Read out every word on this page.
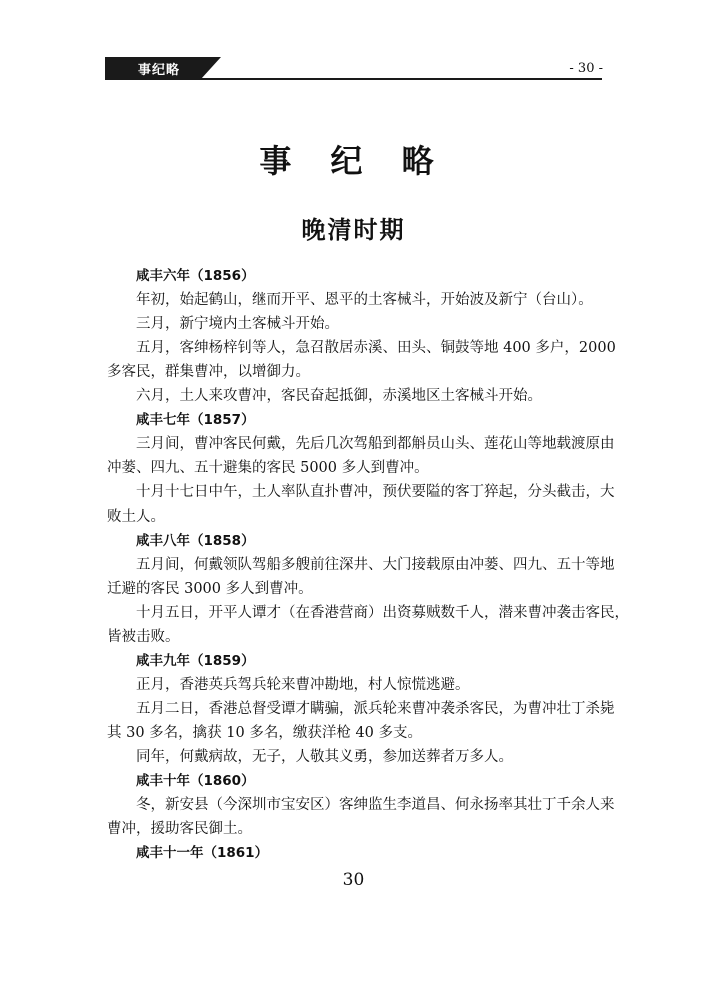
事纪略	- 30 -
事 纪 略
晚清时期
咸丰六年（1856）
年初，始起鹤山，继而开平、恩平的土客械斗，开始波及新宁（台山）。
三月，新宁境内土客械斗开始。
五月，客绅杨梓钊等人，急召散居赤溪、田头、铜鼓等地 400 多户，2000
多客民，群集曹冲，以增御力。
六月，土人来攻曹冲，客民奋起抵御，赤溪地区土客械斗开始。
咸丰七年（1857）
三月间，曹冲客民何戴，先后几次驾船到都斛员山头、莲花山等地载渡原由
冲蒌、四九、五十避集的客民 5000 多人到曹冲。
十月十七日中午，土人率队直扑曹冲，预伏要隘的客丁猝起，分头截击，大
败土人。
咸丰八年（1858）
五月间，何戴领队驾船多艘前往深井、大门接载原由冲蒌、四九、五十等地
迁避的客民 3000 多人到曹冲。
十月五日，开平人谭才（在香港营商）出资募贼数千人，潜来曹冲袭击客民，
皆被击败。
咸丰九年（1859）
正月，香港英兵驾兵轮来曹冲勘地，村人惊慌逃避。
五月二日，香港总督受谭才瞒骗，派兵轮来曹冲袭杀客民，为曹冲壮丁杀毙
其 30 多名，擒获 10 多名，缴获洋枪 40 多支。
同年，何戴病故，无子，人敬其义勇，参加送葬者万多人。
咸丰十年（1860）
冬，新安县（今深圳市宝安区）客绅监生李道昌、何永扬率其壮丁千余人来
曹冲，援助客民御土。
咸丰十一年（1861）
30
